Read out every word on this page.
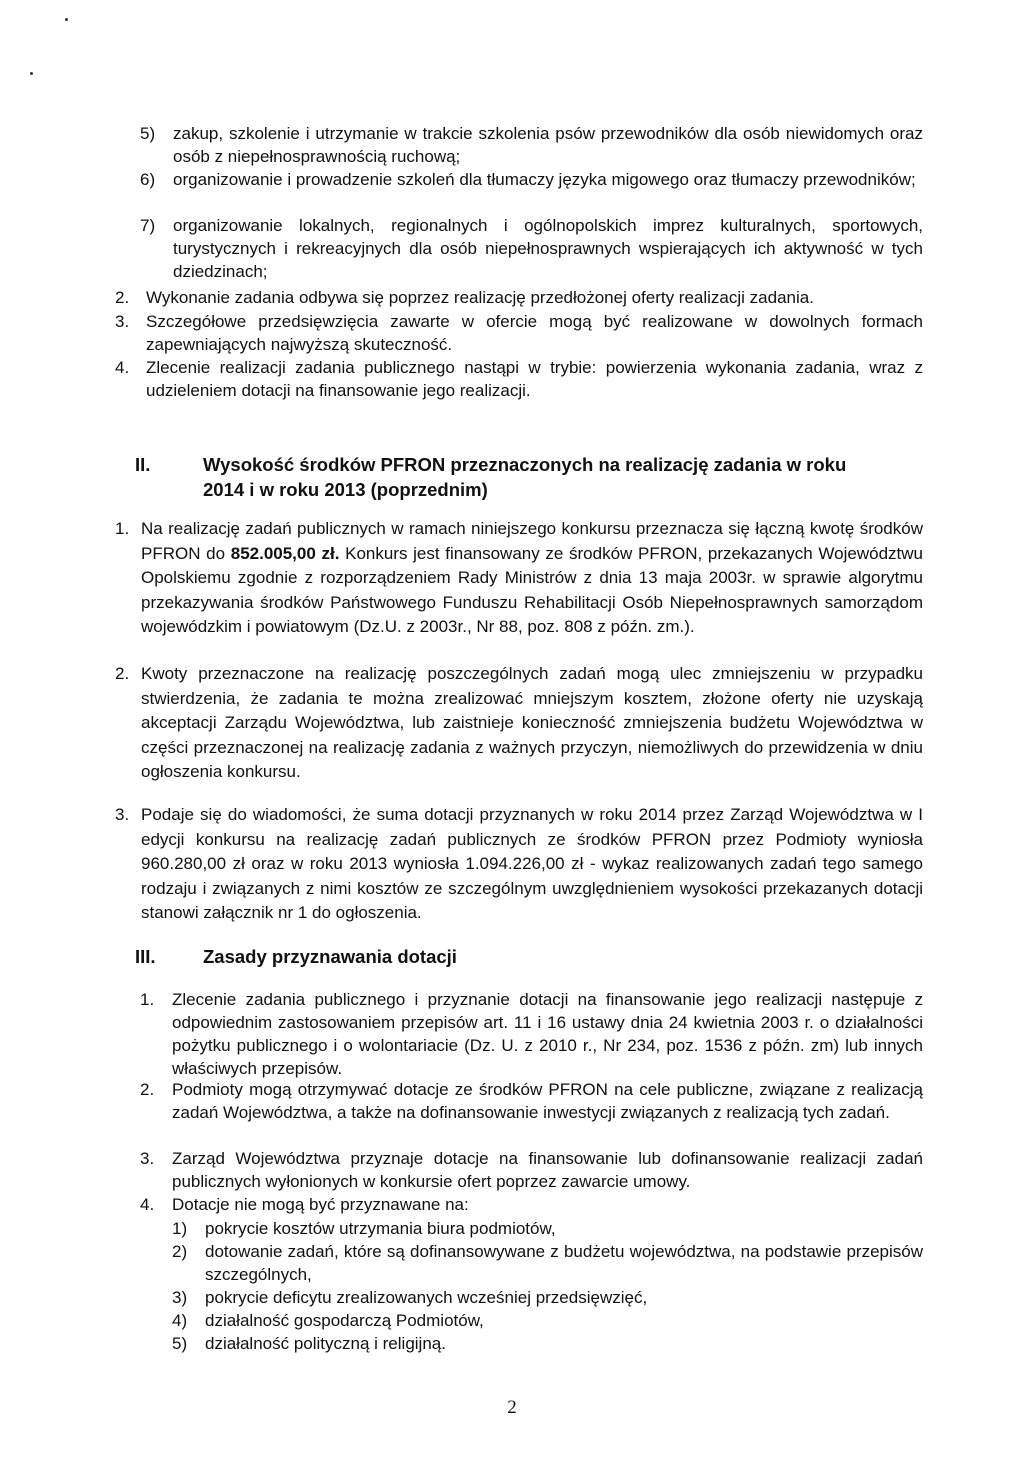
5) zakup, szkolenie i utrzymanie w trakcie szkolenia psów przewodników dla osób niewidomych oraz osób z niepełnosprawnością ruchową;
6) organizowanie i prowadzenie szkoleń dla tłumaczy języka migowego oraz tłumaczy przewodników;
7) organizowanie lokalnych, regionalnych i ogólnopolskich imprez kulturalnych, sportowych, turystycznych i rekreacyjnych dla osób niepełnosprawnych wspierających ich aktywność w tych dziedzinach;
2. Wykonanie zadania odbywa się poprzez realizację przedłożonej oferty realizacji zadania.
3. Szczegółowe przedsięwzięcia zawarte w ofercie mogą być realizowane w dowolnych formach zapewniających najwyższą skuteczność.
4. Zlecenie realizacji zadania publicznego nastąpi w trybie: powierzenia wykonania zadania, wraz z udzieleniem dotacji na finansowanie jego realizacji.
II.	Wysokość środków PFRON przeznaczonych na realizację zadania w roku
2014 i w roku 2013 (poprzednim)
1. Na realizację zadań publicznych w ramach niniejszego konkursu przeznacza się łączną kwotę środków PFRON do 852.005,00 zł. Konkurs jest finansowany ze środków PFRON, przekazanych Województwu Opolskiemu zgodnie z rozporządzeniem Rady Ministrów z dnia 13 maja 2003r. w sprawie algorytmu przekazywania środków Państwowego Funduszu Rehabilitacji Osób Niepełnosprawnych samorządom wojewódzkim i powiatowym (Dz.U. z 2003r., Nr 88, poz. 808 z późn. zm.).
2. Kwoty przeznaczone na realizację poszczególnych zadań mogą ulec zmniejszeniu w przypadku stwierdzenia, że zadania te można zrealizować mniejszym kosztem, złożone oferty nie uzyskają akceptacji Zarządu Województwa, lub zaistnieje konieczność zmniejszenia budżetu Województwa w części przeznaczonej na realizację zadania z ważnych przyczyn, niemożliwych do przewidzenia w dniu ogłoszenia konkursu.
3. Podaje się do wiadomości, że suma dotacji przyznanych w roku 2014 przez Zarząd Województwa w I edycji konkursu na realizację zadań publicznych ze środków PFRON przez Podmioty wyniosła 960.280,00 zł oraz w roku 2013 wyniosła 1.094.226,00 zł - wykaz realizowanych zadań tego samego rodzaju i związanych z nimi kosztów ze szczególnym uwzględnieniem wysokości przekazanych dotacji stanowi załącznik nr 1 do ogłoszenia.
III.	Zasady przyznawania dotacji
1. Zlecenie zadania publicznego i przyznanie dotacji na finansowanie jego realizacji następuje z odpowiednim zastosowaniem przepisów art. 11 i 16 ustawy dnia 24 kwietnia 2003 r. o działalności pożytku publicznego i o wolontariacie (Dz. U. z 2010 r., Nr 234, poz. 1536 z późn. zm) lub innych właściwych przepisów.
2. Podmioty mogą otrzymywać dotacje ze środków PFRON na cele publiczne, związane z realizacją zadań Województwa, a także na dofinansowanie inwestycji związanych z realizacją tych zadań.
3. Zarząd Województwa przyznaje dotacje na finansowanie lub dofinansowanie realizacji zadań publicznych wyłonionych w konkursie ofert poprzez zawarcie umowy.
4. Dotacje nie mogą być przyznawane na:
1) pokrycie kosztów utrzymania biura podmiotów,
2) dotowanie zadań, które są dofinansowywane z budżetu województwa, na podstawie przepisów szczególnych,
3) pokrycie deficytu zrealizowanych wcześniej przedsięwzięć,
4) działalność gospodarczą Podmiotów,
5) działalność polityczną i religijną.
2
